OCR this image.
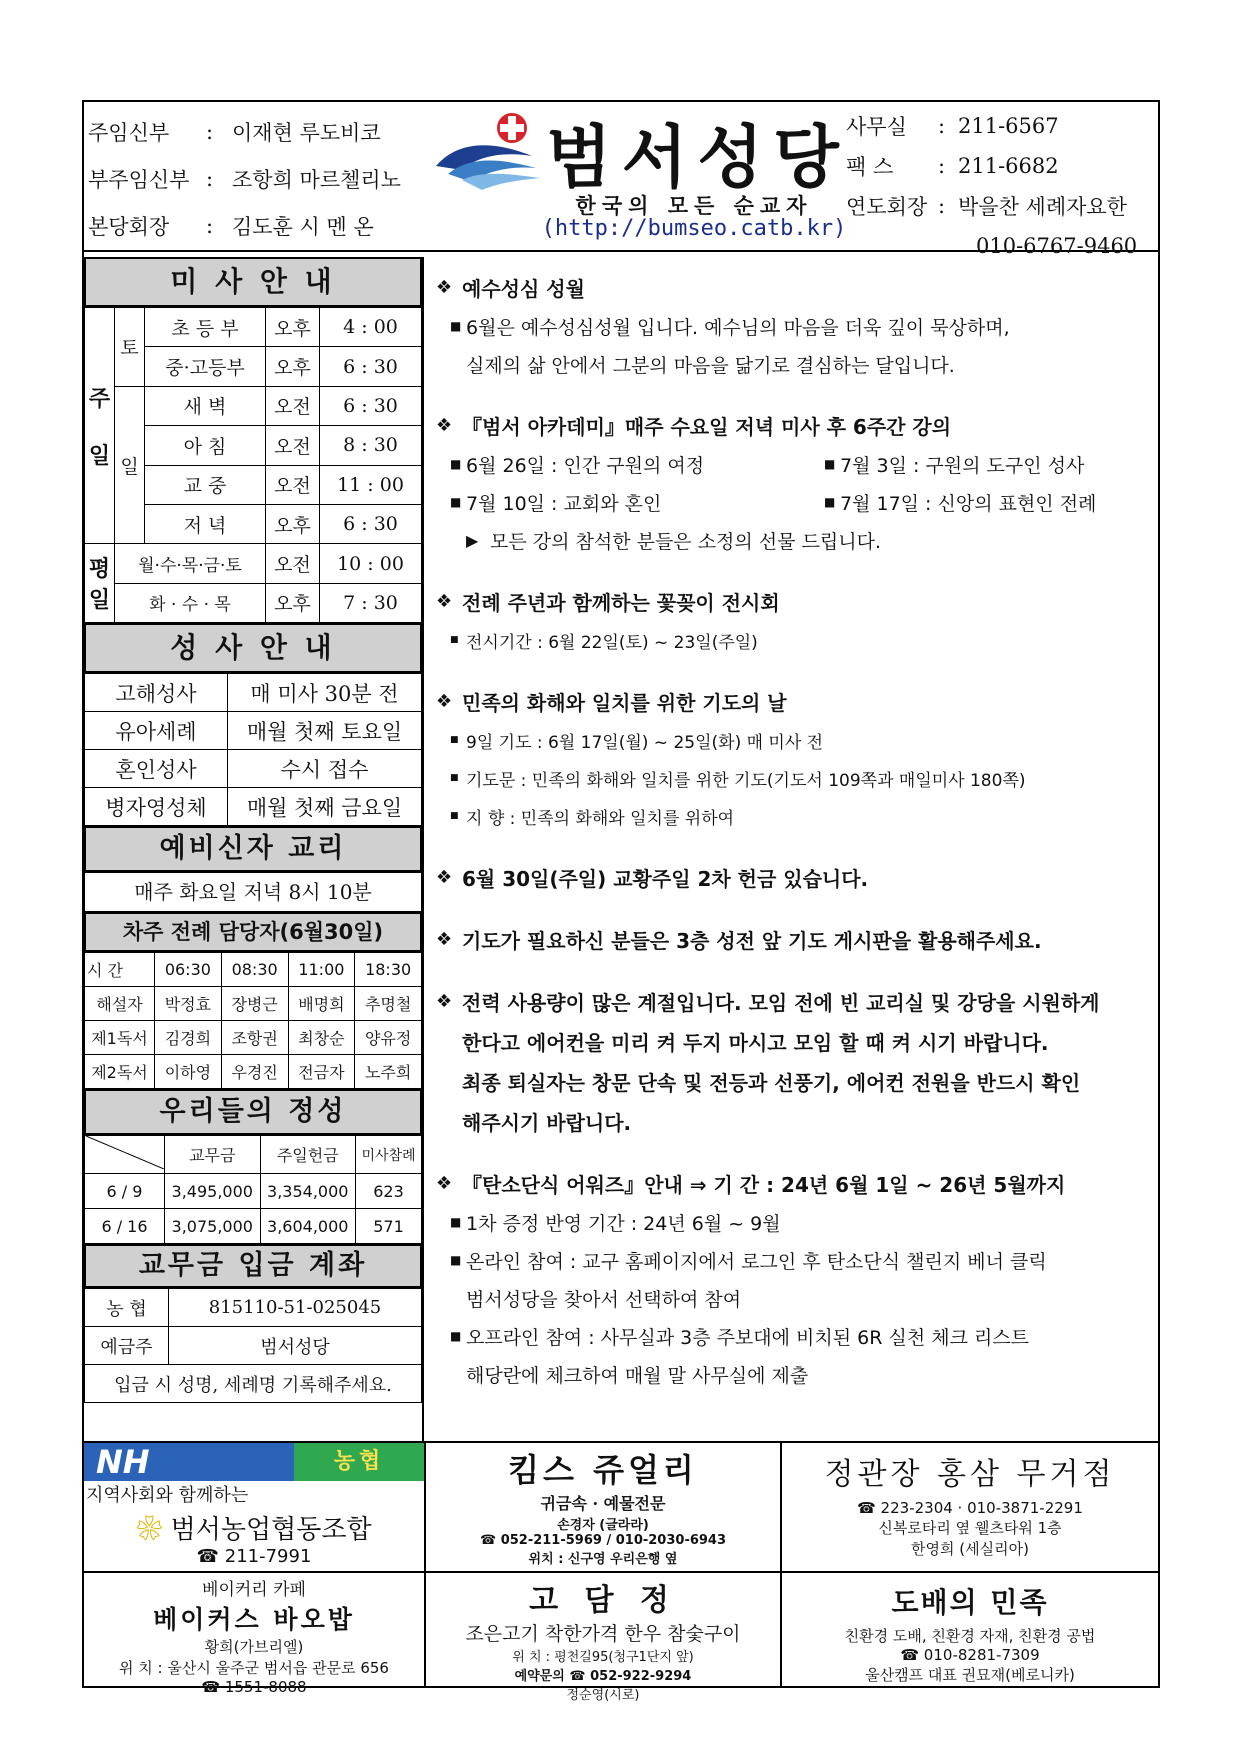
주임신부	: 이재현 루도비코
부주임신부 : 조항희 마르첼리노
본당회장	: 김도훈 시 멘 온
범서성당
한국의 모든 순교자
(http://bumseo.catb.kr)
사무실	: 211-6567
팩 스	: 211-6682
연도회장 : 박을찬 세례자요한
010-6767-9460
미 사 안 내
주

일	토	초 등 부	오후	4 : 00
		중·고등부	오후	6 : 30
	일	새 벽	오전	6 : 30
		아 침	오전	8 : 30
		교 중	오전	11 : 00
		저 녁	오후	6 : 30
평
일	월·수·목·금·토		오전	10 : 00
	화 · 수 · 목		오후	7 : 30
성 사 안 내
고해성사	매 미사 30분 전
유아세례	매월 첫째 토요일
혼인성사	수시 접수
병자영성체	매월 첫째 금요일
예비신자 교리
매주 화요일 저녁 8시 10분
차주 전례 담당자(6월30일)
시 간	06:30	08:30	11:00	18:30
해설자	박정효	장병근	배명희	추명철
제1독서	김경희	조항권	최창순	양유정
제2독서	이하영	우경진	전금자	노주희
우리들의 정성
	교무금	주일헌금	미사참례
6 / 9	3,495,000	3,354,000	623
6 / 16	3,075,000	3,604,000	571
교무금 입금 계좌
농 협	815110-51-025045
예금주	범서성당
입금 시 성명, 세례명 기록해주세요.	
❖ 예수성심 성월
■ 6월은 예수성심성월 입니다. 예수님의 마음을 더욱 깊이 묵상하며,
실제의 삶 안에서 그분의 마음을 닮기로 결심하는 달입니다.
❖ 『범서 아카데미』매주 수요일 저녁 미사 후 6주간 강의
■ 6월 26일 : 인간 구원의 여정	■ 7월 3일 : 구원의 도구인 성사
■ 7월 10일 : 교회와 혼인	■ 7월 17일 : 신앙의 표현인 전례
▶ 모든 강의 참석한 분들은 소정의 선물 드립니다.
❖ 전례 주년과 함께하는 꽃꽂이 전시회
■ 전시기간 : 6월 22일(토) ~ 23일(주일)
❖ 민족의 화해와 일치를 위한 기도의 날
■ 9일 기도 : 6월 17일(월) ~ 25일(화) 매 미사 전
■ 기도문 : 민족의 화해와 일치를 위한 기도(기도서 109쪽과 매일미사 180쪽)
■ 지 향 : 민족의 화해와 일치를 위하여
❖ 6월 30일(주일) 교황주일 2차 헌금 있습니다.
❖ 기도가 필요하신 분들은 3층 성전 앞 기도 게시판을 활용해주세요.
❖ 전력 사용량이 많은 계절입니다. 모임 전에 빈 교리실 및 강당을 시원하게
한다고 에어컨을 미리 켜 두지 마시고 모임 할 때 켜 시기 바랍니다.
최종 퇴실자는 창문 단속 및 전등과 선풍기, 에어컨 전원을 반드시 확인
해주시기 바랍니다.
❖ 『탄소단식 어워즈』안내 ⇒ 기 간 : 24년 6월 1일 ~ 26년 5월까지
■ 1차 증정 반영 기간 : 24년 6월 ~ 9월
■ 온라인 참여 : 교구 홈페이지에서 로그인 후 탄소단식 챌린지 베너 클릭
범서성당을 찾아서 선택하여 참여
■ 오프라인 참여 : 사무실과 3층 주보대에 비치된 6R 실천 체크 리스트
해당란에 체크하여 매월 말 사무실에 제출
NH	농협
지역사회와 함께하는
❀ 범서농업협동조합
☎ 211-7991
킴스 쥬얼리
귀금속 · 예물전문
손경자 (글라라)
☎ 052-211-5969 / 010-2030-6943
위치 : 신구영 우리은행 옆
정관장 홍삼 무거점
☎ 223-2304 · 010-3871-2291
신복로타리 옆 웰츠타워 1층
한영희 (세실리아)
베이커리 카페
베이커스 바오밥
황희(가브리엘)
위 치 : 울산시 울주군 범서읍 관문로 656
☎ 1551-8088
고 담 정
조은고기 착한가격 한우 참숯구이
위 치 : 평천길95(청구1단지 앞)
예약문의 ☎ 052-922-9294
정순영(시로)
도배의 민족
친환경 도배, 친환경 자재, 친환경 공법
☎ 010-8281-7309
울산캠프 대표 권묘재(베로니카)
